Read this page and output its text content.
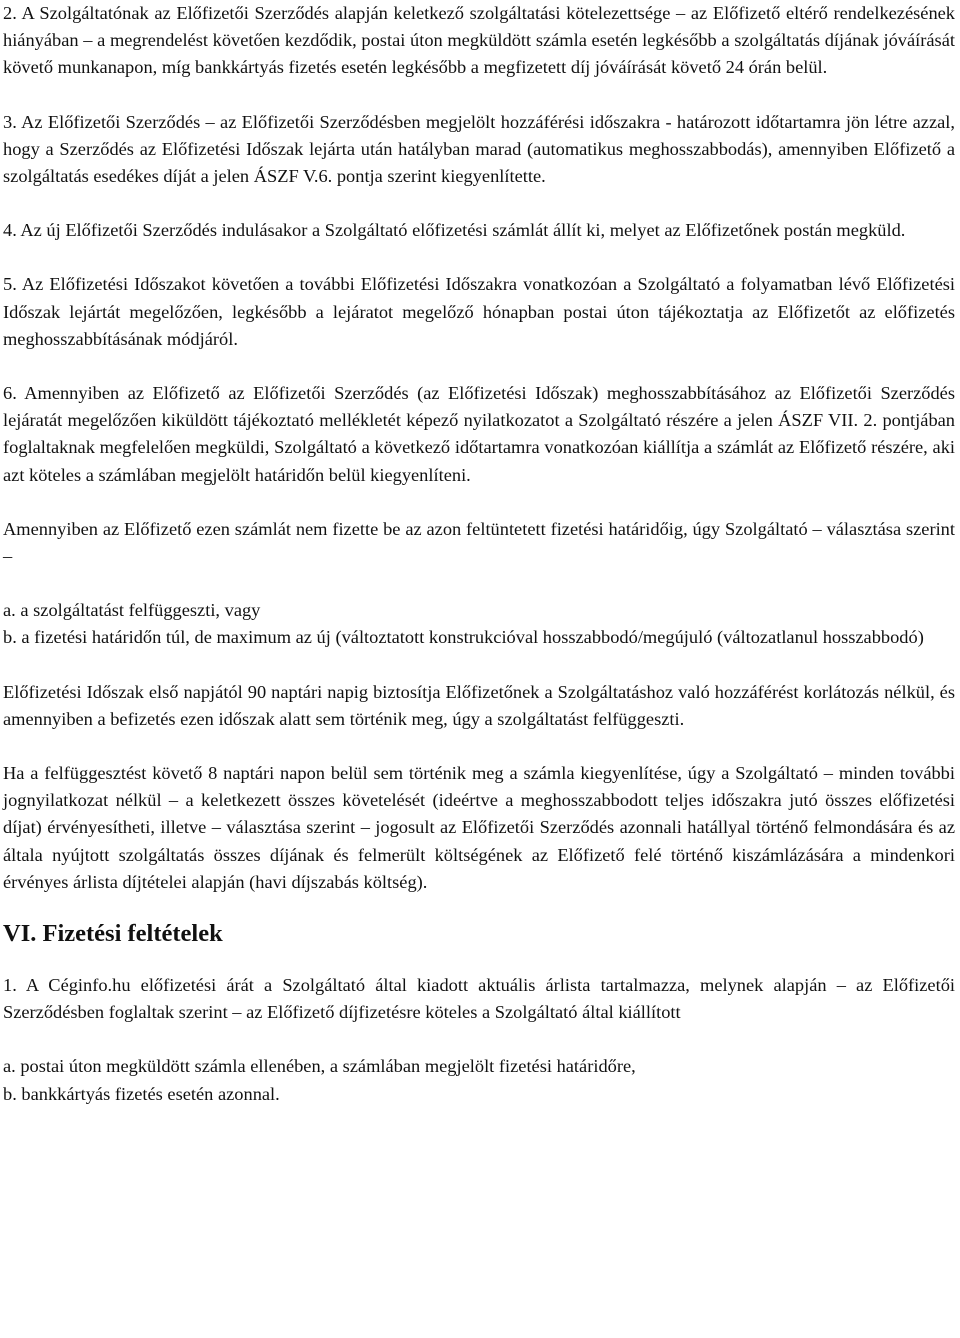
2. A Szolgáltatónak az Előfizetői Szerződés alapján keletkező szolgáltatási kötelezettsége – az Előfizető eltérő rendelkezésének hiányában – a megrendelést követően kezdődik, postai úton megküldött számla esetén legkésőbb a szolgáltatás díjának jóváírását követő munkanapon, míg bankkártyás fizetés esetén legkésőbb a megfizetett díj jóváírását követő 24 órán belül.

3. Az Előfizetői Szerződés – az Előfizetői Szerződésben megjelölt hozzáférési időszakra - határozott időtartamra jön létre azzal, hogy a Szerződés az Előfizetési Időszak lejárta után hatályban marad (automatikus meghosszabbodás), amennyiben Előfizető a szolgáltatás esedékes díját a jelen ÁSZF V.6. pontja szerint kiegyenlítette.

4. Az új Előfizetői Szerződés indulásakor a Szolgáltató előfizetési számlát állít ki, melyet az Előfizetőnek postán megküld.

5. Az Előfizetési Időszakot követően a további Előfizetési Időszakra vonatkozóan a Szolgáltató a folyamatban lévő Előfizetési Időszak lejártát megelőzően, legkésőbb a lejáratot megelőző hónapban postai úton tájékoztatja az Előfizetőt az előfizetés meghosszabbításának módjáról.

6. Amennyiben az Előfizető az Előfizetői Szerződés (az Előfizetési Időszak) meghosszabbításához az Előfizetői Szerződés lejáratát megelőzően kiküldött tájékoztató mellékletét képező nyilatkozatot a Szolgáltató részére a jelen ÁSZF VII. 2. pontjában foglaltaknak megfelelően megküldi, Szolgáltató a következő időtartamra vonatkozóan kiállítja a számlát az Előfizető részére, aki azt köteles a számlában megjelölt határidőn belül kiegyenlíteni.

Amennyiben az Előfizető ezen számlát nem fizette be az azon feltüntetett fizetési határidőig, úgy Szolgáltató – választása szerint –

a. a szolgáltatást felfüggeszti, vagy

b. a fizetési határidőn túl, de maximum az új (változtatott konstrukcióval hosszabbodó/megújuló (változatlanul hosszabbodó)

Előfizetési Időszak első napjától 90 naptári napig biztosítja Előfizetőnek a Szolgáltatáshoz való hozzáférést korlátozás nélkül, és amennyiben a befizetés ezen időszak alatt sem történik meg, úgy a szolgáltatást felfüggeszti.

Ha a felfüggesztést követő 8 naptári napon belül sem történik meg a számla kiegyenlítése, úgy a Szolgáltató – minden további jognyilatkozat nélkül – a keletkezett összes követelését (ideértve a meghosszabbodott teljes időszakra jutó összes előfizetési díjat) érvényesítheti, illetve – választása szerint – jogosult az Előfizetői Szerződés azonnali hatállyal történő felmondására és az általa nyújtott szolgáltatás összes díjának és felmerült költségének az Előfizető felé történő kiszámlázására a mindenkori érvényes árlista díjtételei alapján (havi díjszabás költség).

VI. Fizetési feltételek

1. A Céginfo.hu előfizetési árát a Szolgáltató által kiadott aktuális árlista tartalmazza, melynek alapján – az Előfizetői Szerződésben foglaltak szerint – az Előfizető díjfizetésre köteles a Szolgáltató által kiállított

a. postai úton megküldött számla ellenében, a számlában megjelölt fizetési határidőre,

b. bankkártyás fizetés esetén azonnal.
